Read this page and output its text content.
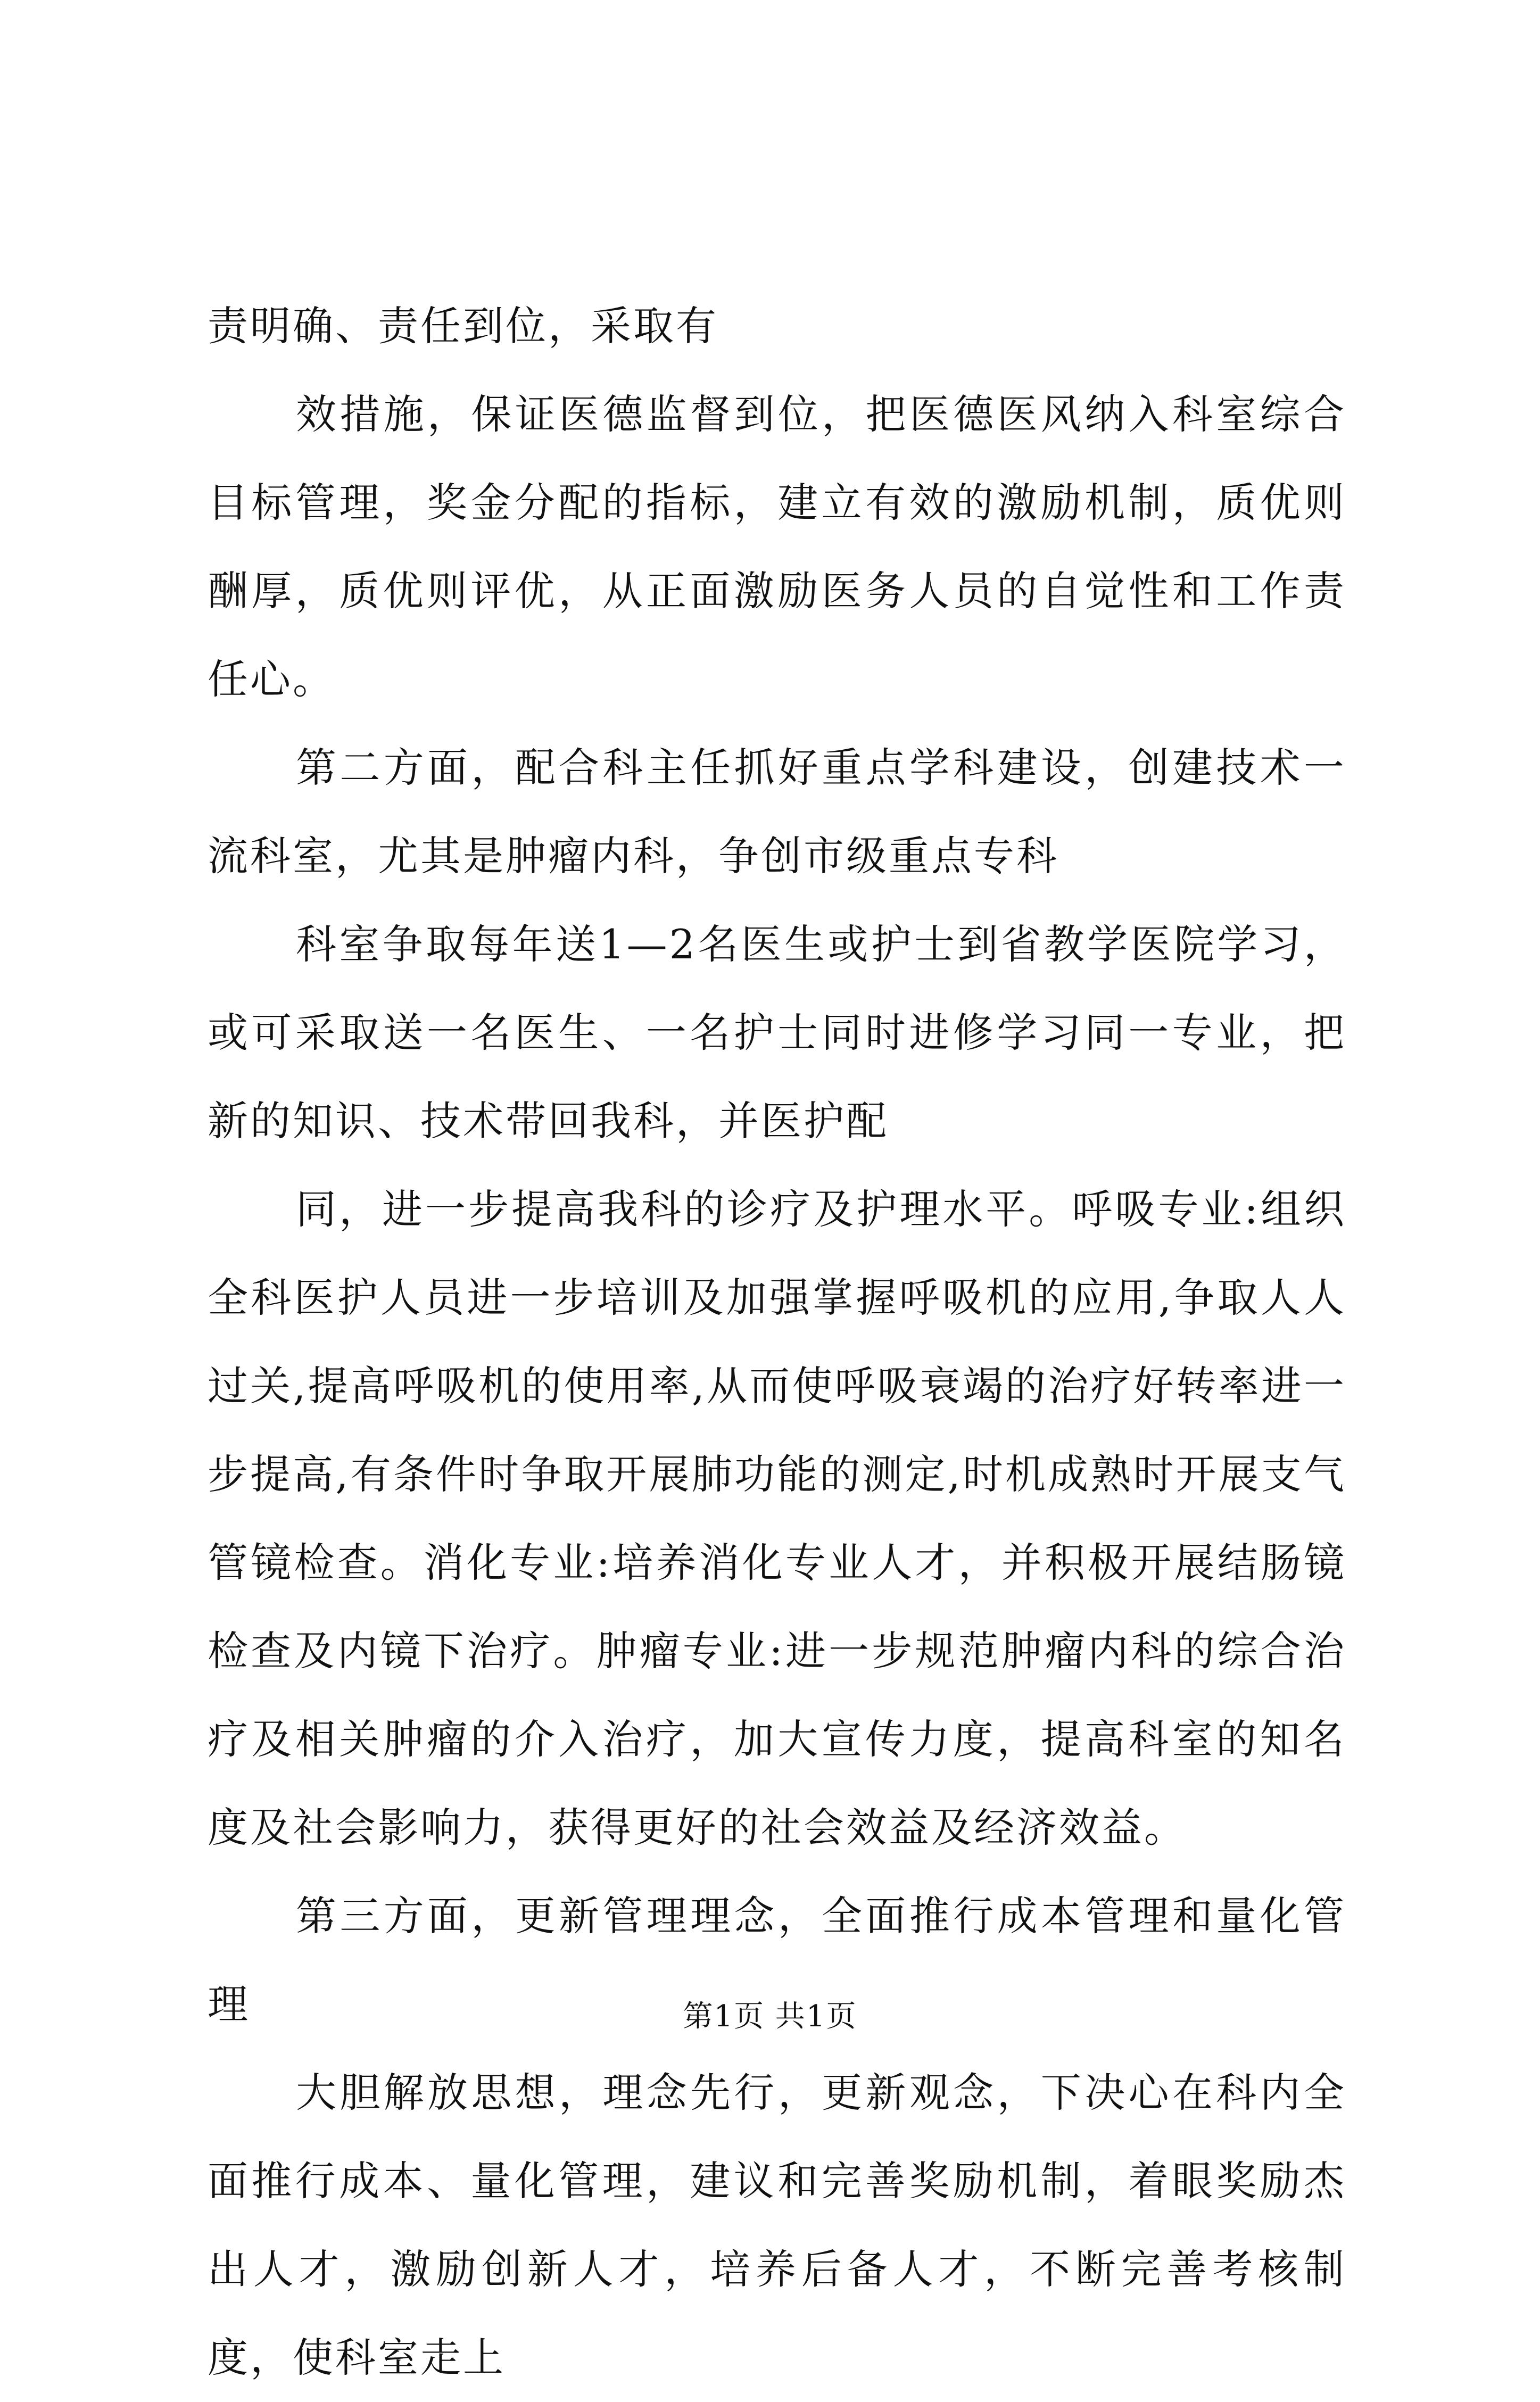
责明确、责任到位，采取有

效措施，保证医德监督到位，把医德医风纳入科室综合目标管理，奖金分配的指标，建立有效的激励机制，质优则酬厚，质优则评优，从正面激励医务人员的自觉性和工作责任心。

第二方面，配合科主任抓好重点学科建设，创建技术一流科室，尤其是肿瘤内科，争创市级重点专科

科室争取每年送1—2名医生或护士到省教学医院学习，或可采取送一名医生、一名护士同时进修学习同一专业，把新的知识、技术带回我科，并医护配

同，进一步提高我科的诊疗及护理水平。呼吸专业:组织全科医护人员进一步培训及加强掌握呼吸机的应用,争取人人过关,提高呼吸机的使用率,从而使呼吸衰竭的治疗好转率进一步提高,有条件时争取开展肺功能的测定,时机成熟时开展支气管镜检查。消化专业:培养消化专业人才，并积极开展结肠镜检查及内镜下治疗。肿瘤专业:进一步规范肿瘤内科的综合治疗及相关肿瘤的介入治疗，加大宣传力度，提高科室的知名度及社会影响力，获得更好的社会效益及经济效益。

第三方面，更新管理理念，全面推行成本管理和量化管理

大胆解放思想，理念先行，更新观念，下决心在科内全面推行成本、量化管理，建议和完善奖励机制，着眼奖励杰出人才，激励创新人才，培养后备人才，不断完善考核制度，使科室走上

第1页 共1页
